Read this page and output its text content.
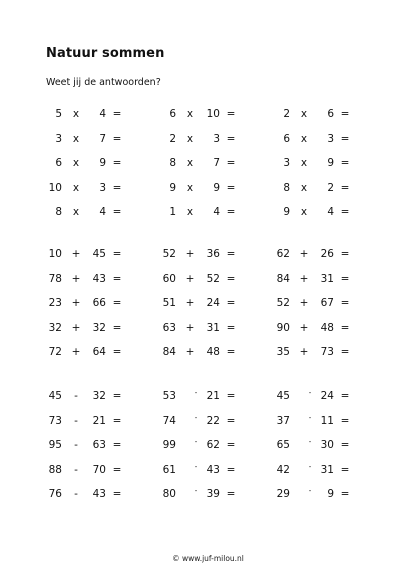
Natuur sommen
Weet jij de antwoorden?
5 x	4 =	6 x	10 =	2 x	6 =
3 x	7 =	2 x	3 =	6 x	3 =
6 x	9 =	8 x	7 =	3 x	9 =
10 x	3 =	9 x	9 =	8 x	2 =
8 x	4 =	1 x	4 =	9 x	4 =
10 +	45 =	52 +	36 =	62 +	26 =
78 +	43 =	60 +	52 =	84 +	31 =
23 +	66 =	51 +	24 =	52 +	67 =
32 +	32 =	63 +	31 =	90 +	48 =
72 +	64 =	84 +	48 =	35 +	73 =
45	-	32 =	53	- 21 =	45	- 24 =
73	-	21 =	74	- 22 =	37	- 11 =
95	-	63 =	99	- 62 =	65	- 30 =
88	-	70 =	61	- 43 =	42	- 31 =
76	-	43 =	80	- 39 =	29	-	9 =
© www.juf-milou.nl
